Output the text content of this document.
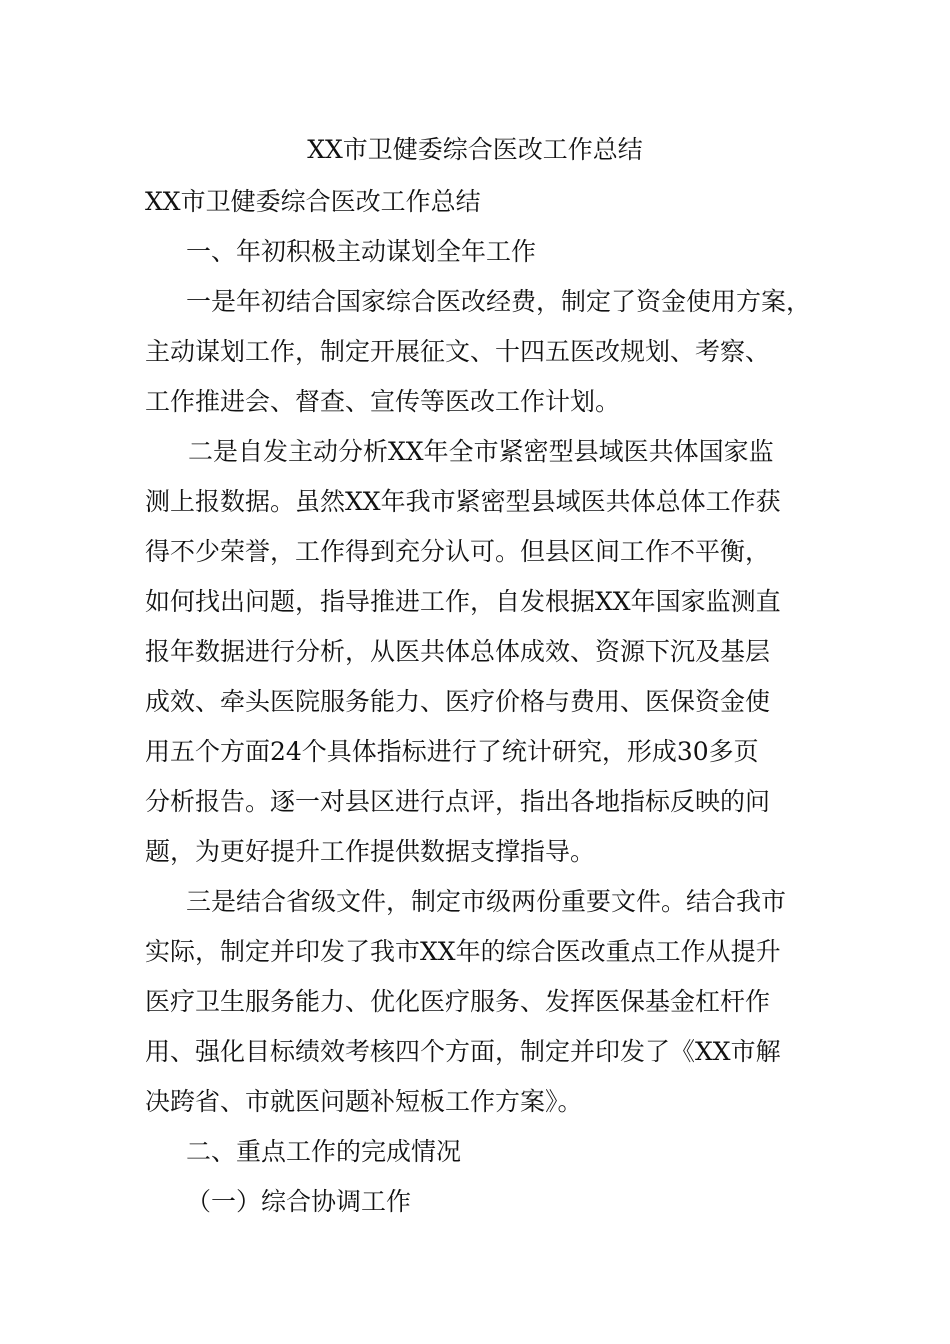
XX市卫健委综合医改工作总结
XX市卫健委综合医改工作总结
一、年初积极主动谋划全年工作
一是年初结合国家综合医改经费，制定了资金使用方案，
主动谋划工作，制定开展征文、十四五医改规划、考察、
工作推进会、督查、宣传等医改工作计划。
二是自发主动分析XX年全市紧密型县域医共体国家监
测上报数据。虽然XX年我市紧密型县域医共体总体工作获
得不少荣誉，工作得到充分认可。但县区间工作不平衡，
如何找出问题，指导推进工作，自发根据XX年国家监测直
报年数据进行分析，从医共体总体成效、资源下沉及基层
成效、牵头医院服务能力、医疗价格与费用、医保资金使
用五个方面24个具体指标进行了统计研究，形成30多页
分析报告。逐一对县区进行点评，指出各地指标反映的问
题，为更好提升工作提供数据支撑指导。
三是结合省级文件，制定市级两份重要文件。结合我市
实际，制定并印发了我市XX年的综合医改重点工作从提升
医疗卫生服务能力、优化医疗服务、发挥医保基金杠杆作
用、强化目标绩效考核四个方面，制定并印发了《XX市解
决跨省、市就医问题补短板工作方案》。
二、重点工作的完成情况
（一）综合协调工作
